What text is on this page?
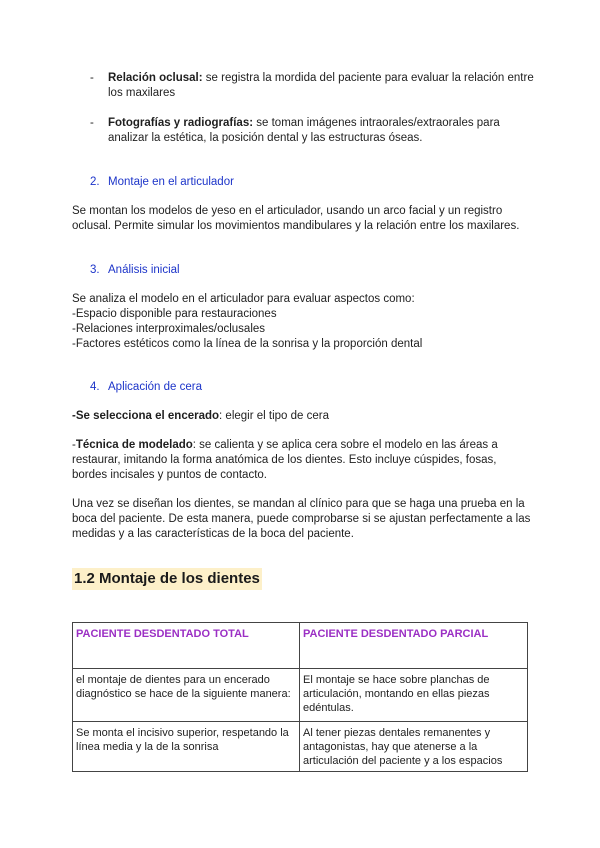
- Relación oclusal: se registra la mordida del paciente para evaluar la relación entre los maxilares
- Fotografías y radiografías: se toman imágenes intraorales/extraorales para analizar la estética, la posición dental y las estructuras óseas.
2. Montaje en el articulador
Se montan los modelos de yeso en el articulador, usando un arco facial y un registro oclusal. Permite simular los movimientos mandibulares y la relación entre los maxilares.
3. Análisis inicial
Se analiza el modelo en el articulador para evaluar aspectos como:
-Espacio disponible para restauraciones
-Relaciones interproximales/oclusales
-Factores estéticos como la línea de la sonrisa y la proporción dental
4. Aplicación de cera
-Se selecciona el encerado: elegir el tipo de cera
-Técnica de modelado: se calienta y se aplica cera sobre el modelo en las áreas a restaurar, imitando la forma anatómica de los dientes. Esto incluye cúspides, fosas, bordes incisales y puntos de contacto.
Una vez se diseñan los dientes, se mandan al clínico para que se haga una prueba en la boca del paciente. De esta manera, puede comprobarse si se ajustan perfectamente a las medidas y a las características de la boca del paciente.
1.2 Montaje de los dientes
PACIENTE DESDENTADO TOTAL	PACIENTE DESDENTADO PARCIAL
el montaje de dientes para un encerado diagnóstico se hace de la siguiente manera:	El montaje se hace sobre planchas de articulación, montando en ellas piezas edéntulas.
Se monta el incisivo superior, respetando la línea media y la de la sonrisa	Al tener piezas dentales remanentes y antagonistas, hay que atenerse a la articulación del paciente y a los espacios
